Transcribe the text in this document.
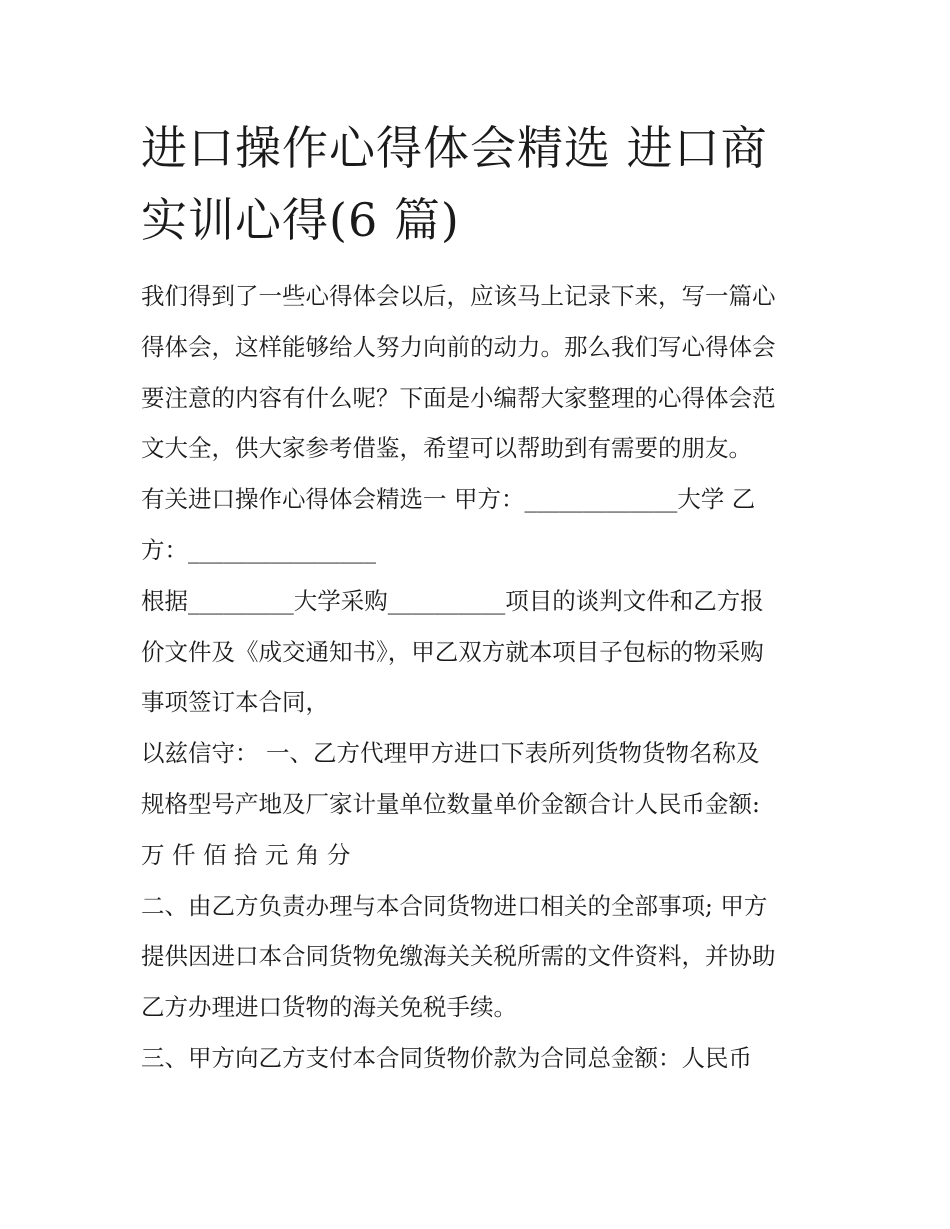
进口操作心得体会精选 进口商
实训心得(6 篇)
我们得到了一些心得体会以后，应该马上记录下来，写一篇心
得体会，这样能够给人努力向前的动力。那么我们写心得体会
要注意的内容有什么呢？下面是小编帮大家整理的心得体会范
文大全，供大家参考借鉴，希望可以帮助到有需要的朋友。
有关进口操作心得体会精选一 甲方：_____________大学 乙
方：________________
根据_________大学采购__________项目的谈判文件和乙方报
价文件及《成交通知书》，甲乙双方就本项目子包标的物采购
事项签订本合同，
以兹信守： 一、乙方代理甲方进口下表所列货物货物名称及
规格型号产地及厂家计量单位数量单价金额合计人民币金额:
万 仟 佰 拾 元 角 分
二、由乙方负责办理与本合同货物进口相关的全部事项; 甲方
提供因进口本合同货物免缴海关关税所需的文件资料，并协助
乙方办理进口货物的海关免税手续。
三、甲方向乙方支付本合同货物价款为合同总金额：人民币
